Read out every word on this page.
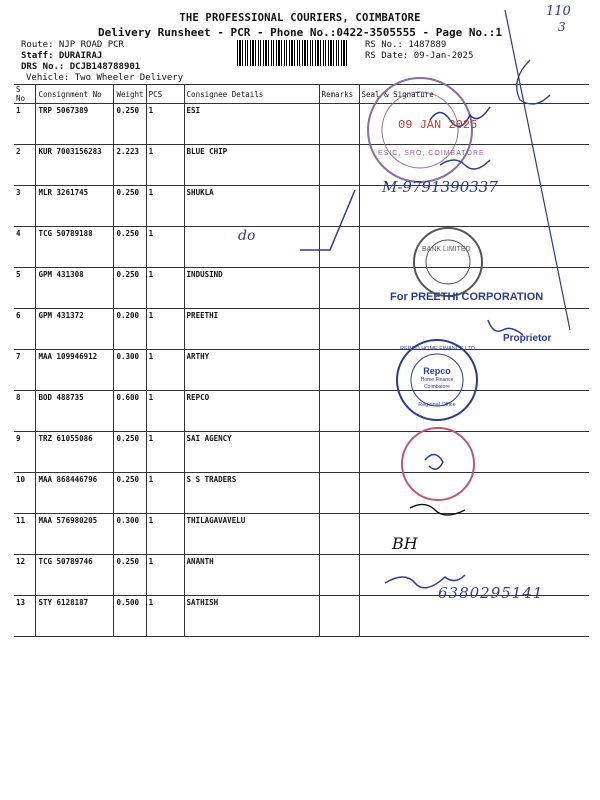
THE PROFESSIONAL COURIERS, COIMBATORE
Delivery Runsheet - PCR - Phone No.:0422-3505555 - Page No.:1
Route: NJP ROAD PCR
Staff: DURAIRAJ
DRS No.: DCJB148788901
Vehicle: Two Wheeler Delivery
RS No.: 1487889
RS Date: 09-Jan-2025
110
3
S No	Consignment No	Weight	PCS	Consignee Details	Remarks	Seal & Signature
1	TRP 5067389	0.250	1	ESI		
2	KUR 7003156283	2.223	1	BLUE CHIP		
3	MLR 3261745	0.250	1	SHUKLA		
4	TCG 50789188	0.250	1			
5	GPM 431308	0.250	1	INDUSIND		
6	GPM 431372	0.200	1	PREETHI		
7	MAA 109946912	0.300	1	ARTHY		
8	BOD 488735	0.600	1	REPCO		
9	TRZ 61055086	0.250	1	SAI AGENCY		
10	MAA 868446796	0.250	1	S S TRADERS		
11	MAA 576980205	0.300	1	THILAGAVAVELU		
12	TCG 50789746	0.250	1	ANANTH		
13	STY 6128187	0.500	1	SATHISH		
09 JAN 2025
ESIC, SRO, COIMBATORE
do
M-9791390337
BANK LIMITED
For PREETHI CORPORATION
Proprietor
REPCO HOME FINANCE LTD
Repco
Home Finance
Coimbatore
Regional Office
BH
6380295141
